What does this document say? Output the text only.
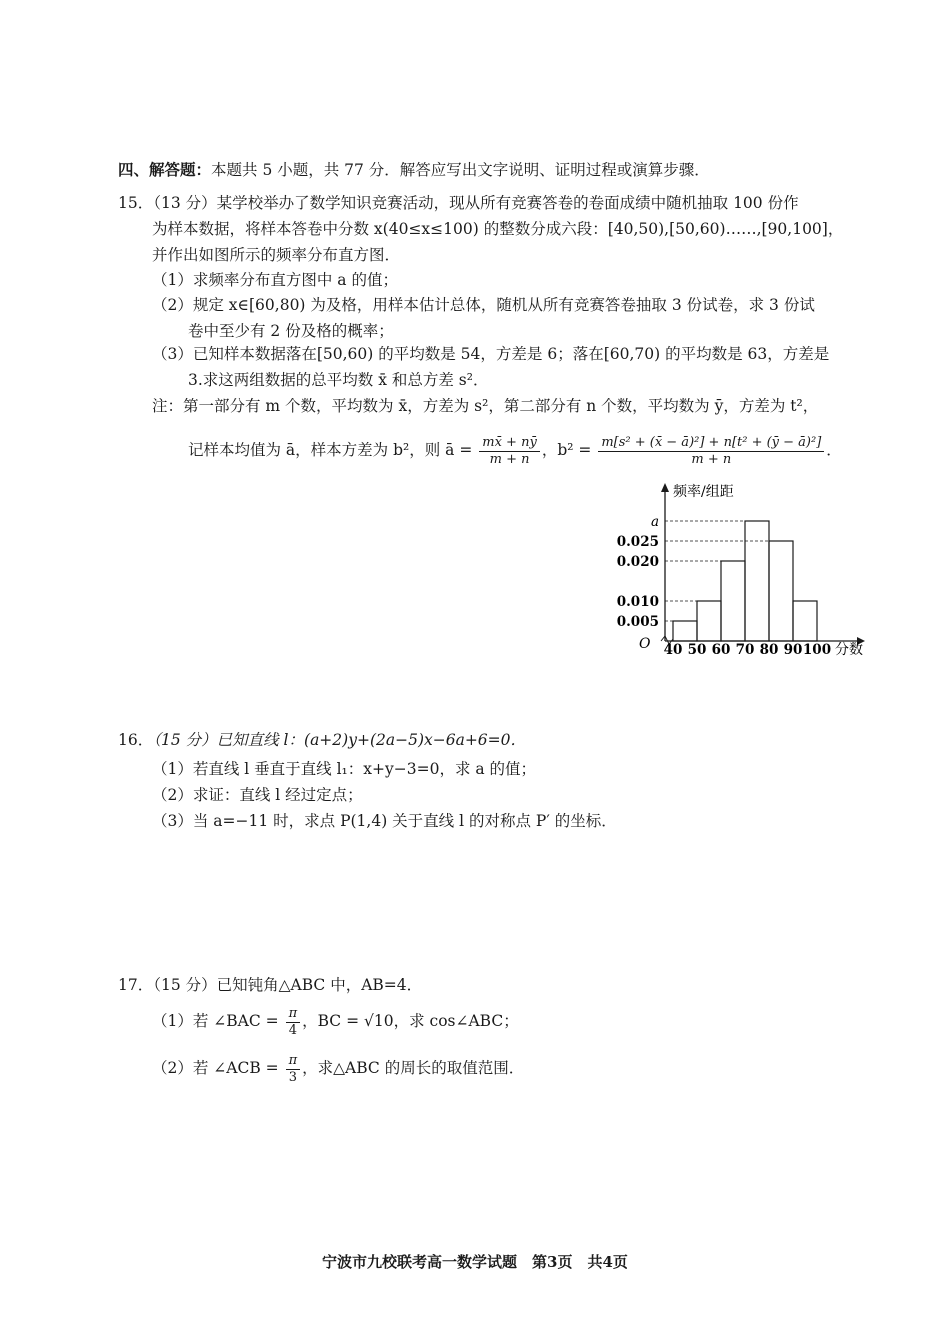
四、解答题：本题共 5 小题，共 77 分．解答应写出文字说明、证明过程或演算步骤．
15．（13 分）某学校举办了数学知识竞赛活动，现从所有竞赛答卷的卷面成绩中随机抽取 100 份作
为样本数据，将样本答卷中分数 x(40≤x≤100) 的整数分成六段：[40,50),[50,60)……,[90,100]，
并作出如图所示的频率分布直方图．
（1）求频率分布直方图中 a 的值；
（2）规定 x∈[60,80) 为及格，用样本估计总体，随机从所有竞赛答卷抽取 3 份试卷，求 3 份试
卷中至少有 2 份及格的概率；
（3）已知样本数据落在[50,60) 的平均数是 54，方差是 6；落在[60,70) 的平均数是 63，方差是
3.求这两组数据的总平均数 x̄ 和总方差 s²．
注：第一部分有 m 个数，平均数为 x̄，方差为 s²，第二部分有 n 个数，平均数为 ȳ，方差为 t²，
记样本均值为 ā，样本方差为 b²，则 ā = $\frac{mx̄ + nȳ}{m + n}$ ，$b^2 = \frac{\text{m[s² + (x̄ − ā)²] + n[t² + (ȳ − ā)²]}}{m + n}$ ．
频率/组距
分数
O
0.005
0.010
0.020
0.025
a
40 50 60 70 80 90 100
16．（15 分）已知直线 l：(a+2)y+(2a−5)x−6a+6=0．
（1）若直线 l 垂直于直线 l₁：x+y−3=0，求 a 的值；
（2）求证：直线 l 经过定点；
（3）当 a=−11 时，求点 P(1,4) 关于直线 l 的对称点 P′ 的坐标．
17．（15 分）已知钝角△ABC 中，AB=4．
（1）若 ∠BAC = $\frac{\pi}{4}$ ，BC = √10，求 cos∠ABC；
（2）若 ∠ACB = $\frac{\pi}{3}$ ，求△ABC 的周长的取值范围．
宁波市九校联考高一数学试题　第3页　共4页
